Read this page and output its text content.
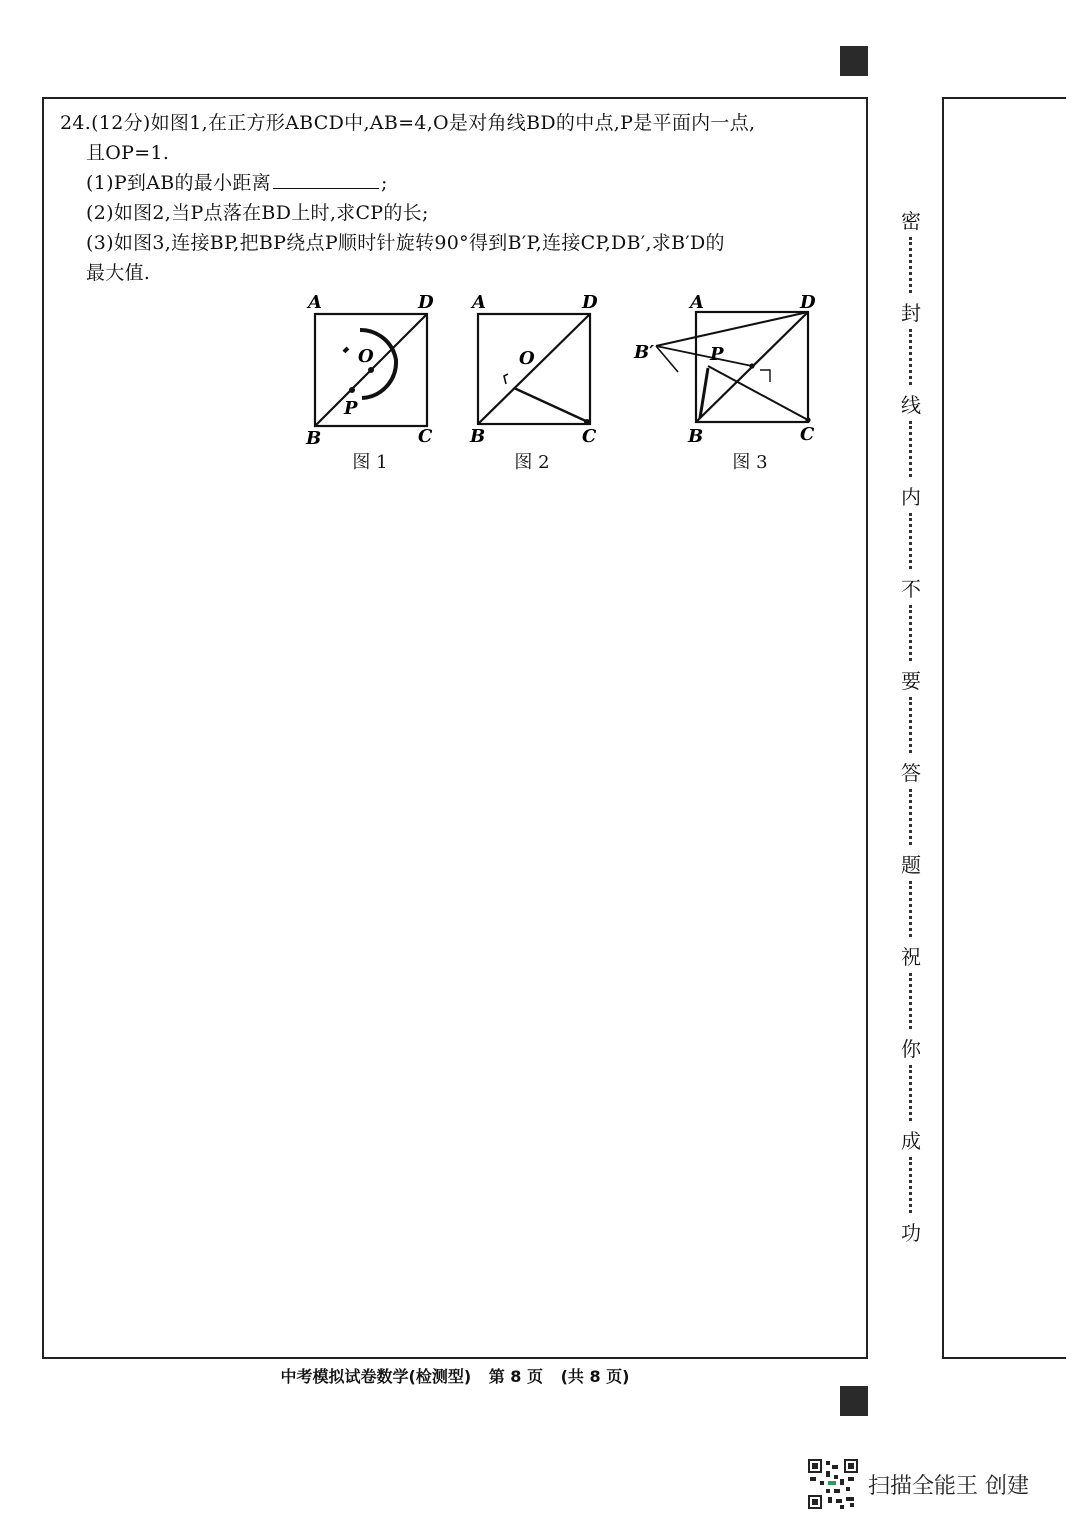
24.(12分)如图1,在正方形ABCD中,AB=4,O是对角线BD的中点,P是平面内一点,
且OP=1.
(1)P到AB的最小距离	;
(2)如图2,当P点落在BD上时,求CP的长;
(3)如图3,连接BP,把BP绕点P顺时针旋转90°得到B′P,连接CP,DB′,求B′D的
最大值.
A	D
B	C
O
P
图 1
A	D
B	C
O
图 2
A	D
B	C
P
B′
图 3
密
封
线
内
不
要
答
题
祝
你
成
功
中考模拟试卷数学(检测型) 第 8 页 (共 8 页)
扫描全能王 创建
